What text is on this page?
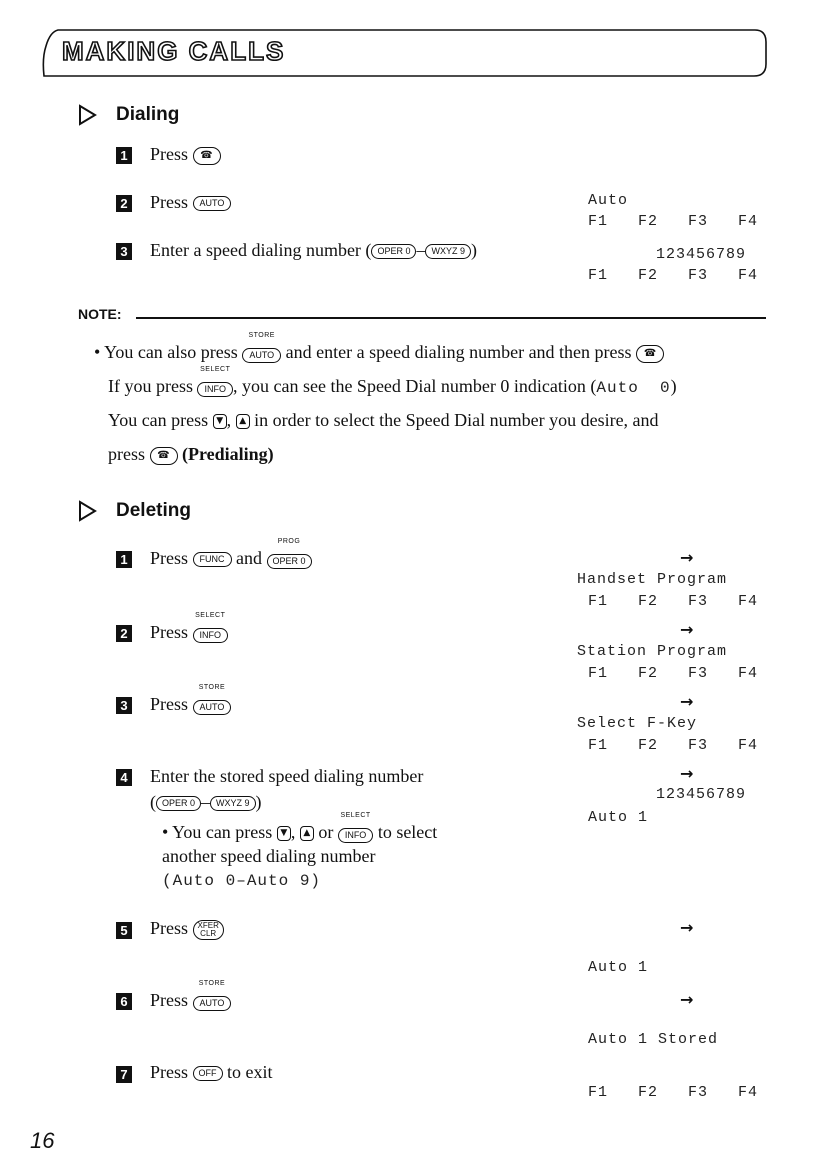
MAKING CALLS
Dialing
1 Press ☎
2 Press AUTO
3 Enter a speed dialing number ( OPER 0 – WXYZ 9 )
Auto
F1   F2   F3   F4
123456789
F1   F2   F3   F4
NOTE:
• You can also press
STORE
AUTO and enter a speed dialing number and then press ☎
If you press
SELECT
INFO , you can see the Speed Dial number 0 indication (Auto  0)
You can press ▼ , ▲ in order to select the Speed Dial number you desire, and
press ☎ (Predialing)
Deleting
1 Press FUNC and
PROG
OPER 0
2 Press
SELECT
INFO
3 Press
STORE
AUTO
4 Enter the stored speed dialing number
( OPER 0 – WXYZ 9 )
• You can press ▼ , ▲ or
SELECT
INFO to select
another speed dialing number
(Auto 0–Auto 9)
5 Press XFER
CLR
6 Press
STORE
AUTO
7 Press OFF to exit
→
Handset Program
F1   F2   F3   F4
→
Station Program
F1   F2   F3   F4
→
Select F-Key
F1   F2   F3   F4
→
123456789
Auto 1
→
Auto 1
→
Auto 1 Stored
F1   F2   F3   F4
16
